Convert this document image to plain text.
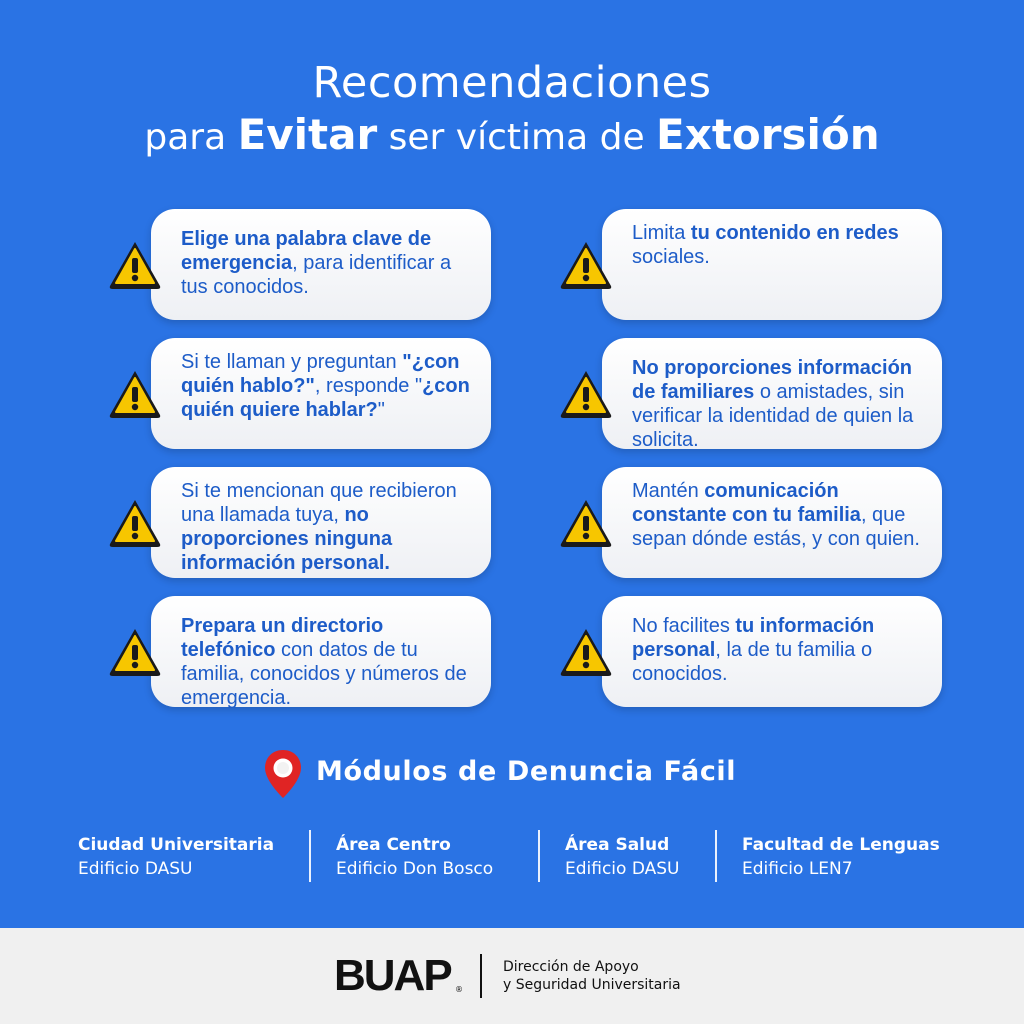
Recomendaciones
para Evitar ser víctima de Extorsión
Elige una palabra clave de emergencia, para identificar a tus conocidos.
Limita tu contenido en redes sociales.
Si te llaman y preguntan "¿con quién hablo?", responde "¿con quién quiere hablar?"
No proporciones información de familiares o amistades, sin verificar la identidad de quien la solicita.
Si te mencionan que recibieron una llamada tuya, no proporciones ninguna información personal.
Mantén comunicación constante con tu familia, que sepan dónde estás, y con quien.
Prepara un directorio telefónico con datos de tu familia, conocidos y números de emergencia.
No facilites tu información personal, la de tu familia o conocidos.
Módulos de Denuncia Fácil
Ciudad Universitaria
Edificio DASU
Área Centro
Edificio Don Bosco
Área Salud
Edificio DASU
Facultad de Lenguas
Edificio LEN7
BUAP ®
Dirección de Apoyo
y Seguridad Universitaria
